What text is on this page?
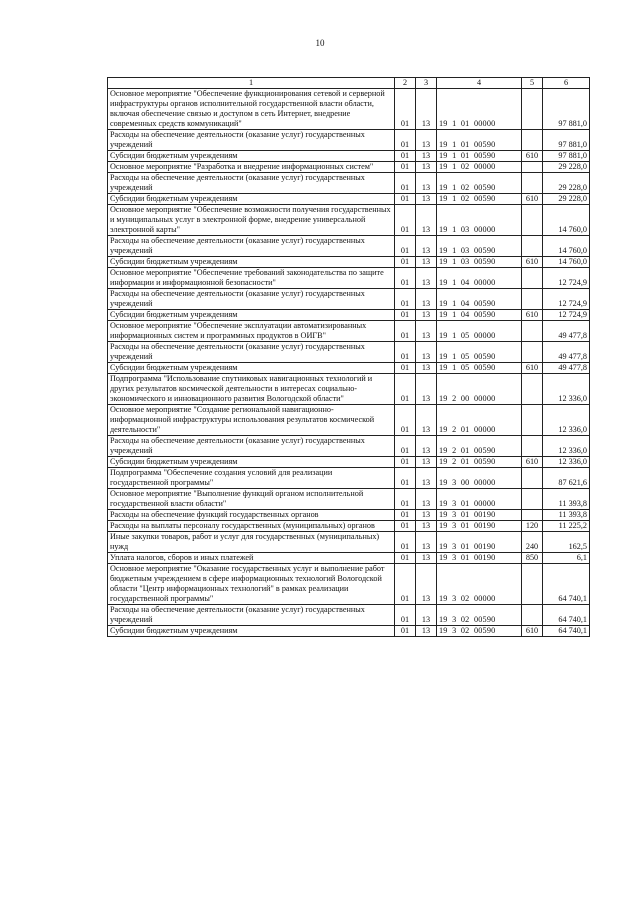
10
1	2	3	4	5	6
Основное мероприятие "Обеспечение функционирования сетевой и серверной инфраструктуры органов исполнительной государственной власти области, включая обеспечение связью и доступом в сеть Интернет, внедрение современных средств коммуникаций"	01	13	19  1  01  00000		97 881,0
Расходы на обеспечение деятельности (оказание услуг) государственных учреждений	01	13	19  1  01  00590		97 881,0
Субсидии бюджетным учреждениям	01	13	19  1  01  00590	610	97 881,0
Основное мероприятие "Разработка и внедрение информационных систем"	01	13	19  1  02  00000		29 228,0
Расходы на обеспечение деятельности (оказание услуг) государственных учреждений	01	13	19  1  02  00590		29 228,0
Субсидии бюджетным учреждениям	01	13	19  1  02  00590	610	29 228,0
Основное мероприятие "Обеспечение возможности получения государственных и муниципальных услуг в электронной форме, внедрение универсальной электронной карты"	01	13	19  1  03  00000		14 760,0
Расходы на обеспечение деятельности (оказание услуг) государственных учреждений	01	13	19  1  03  00590		14 760,0
Субсидии бюджетным учреждениям	01	13	19  1  03  00590	610	14 760,0
Основное мероприятие "Обеспечение требований законодательства по защите информации и информационной безопасности"	01	13	19  1  04  00000		12 724,9
Расходы на обеспечение деятельности (оказание услуг) государственных учреждений	01	13	19  1  04  00590		12 724,9
Субсидии бюджетным учреждениям	01	13	19  1  04  00590	610	12 724,9
Основное мероприятие "Обеспечение эксплуатации автоматизированных информационных систем и программных продуктов в ОИГВ"	01	13	19  1  05  00000		49 477,8
Расходы на обеспечение деятельности (оказание услуг) государственных учреждений	01	13	19  1  05  00590		49 477,8
Субсидии бюджетным учреждениям	01	13	19  1  05  00590	610	49 477,8
Подпрограмма "Использование спутниковых навигационных технологий и других результатов космической деятельности в интересах социально-экономического и инновационного развития Вологодской области"	01	13	19  2  00  00000		12 336,0
Основное мероприятие "Создание региональной навигационно-информационной инфраструктуры использования результатов космической деятельности"	01	13	19  2  01  00000		12 336,0
Расходы на обеспечение деятельности (оказание услуг) государственных учреждений	01	13	19  2  01  00590		12 336,0
Субсидии бюджетным учреждениям	01	13	19  2  01  00590	610	12 336,0
Подпрограмма "Обеспечение создания условий для реализации государственной программы"	01	13	19  3  00  00000		87 621,6
Основное мероприятие "Выполнение функций органом исполнительной государственной власти области"	01	13	19  3  01  00000		11 393,8
Расходы на обеспечение функций государственных органов	01	13	19  3  01  00190		11 393,8
Расходы на выплаты персоналу государственных (муниципальных) органов	01	13	19  3  01  00190	120	11 225,2
Иные закупки товаров, работ и услуг для государственных (муниципальных) нужд	01	13	19  3  01  00190	240	162,5
Уплата налогов, сборов и иных платежей	01	13	19  3  01  00190	850	6,1
Основное мероприятие "Оказание государственных услуг и выполнение работ бюджетным учреждением в сфере информационных технологий Вологодской области "Центр информационных технологий" в рамках реализации государственной программы"	01	13	19  3  02  00000		64 740,1
Расходы на обеспечение деятельности (оказание услуг) государственных учреждений	01	13	19  3  02  00590		64 740,1
Субсидии бюджетным учреждениям	01	13	19  3  02  00590	610	64 740,1
